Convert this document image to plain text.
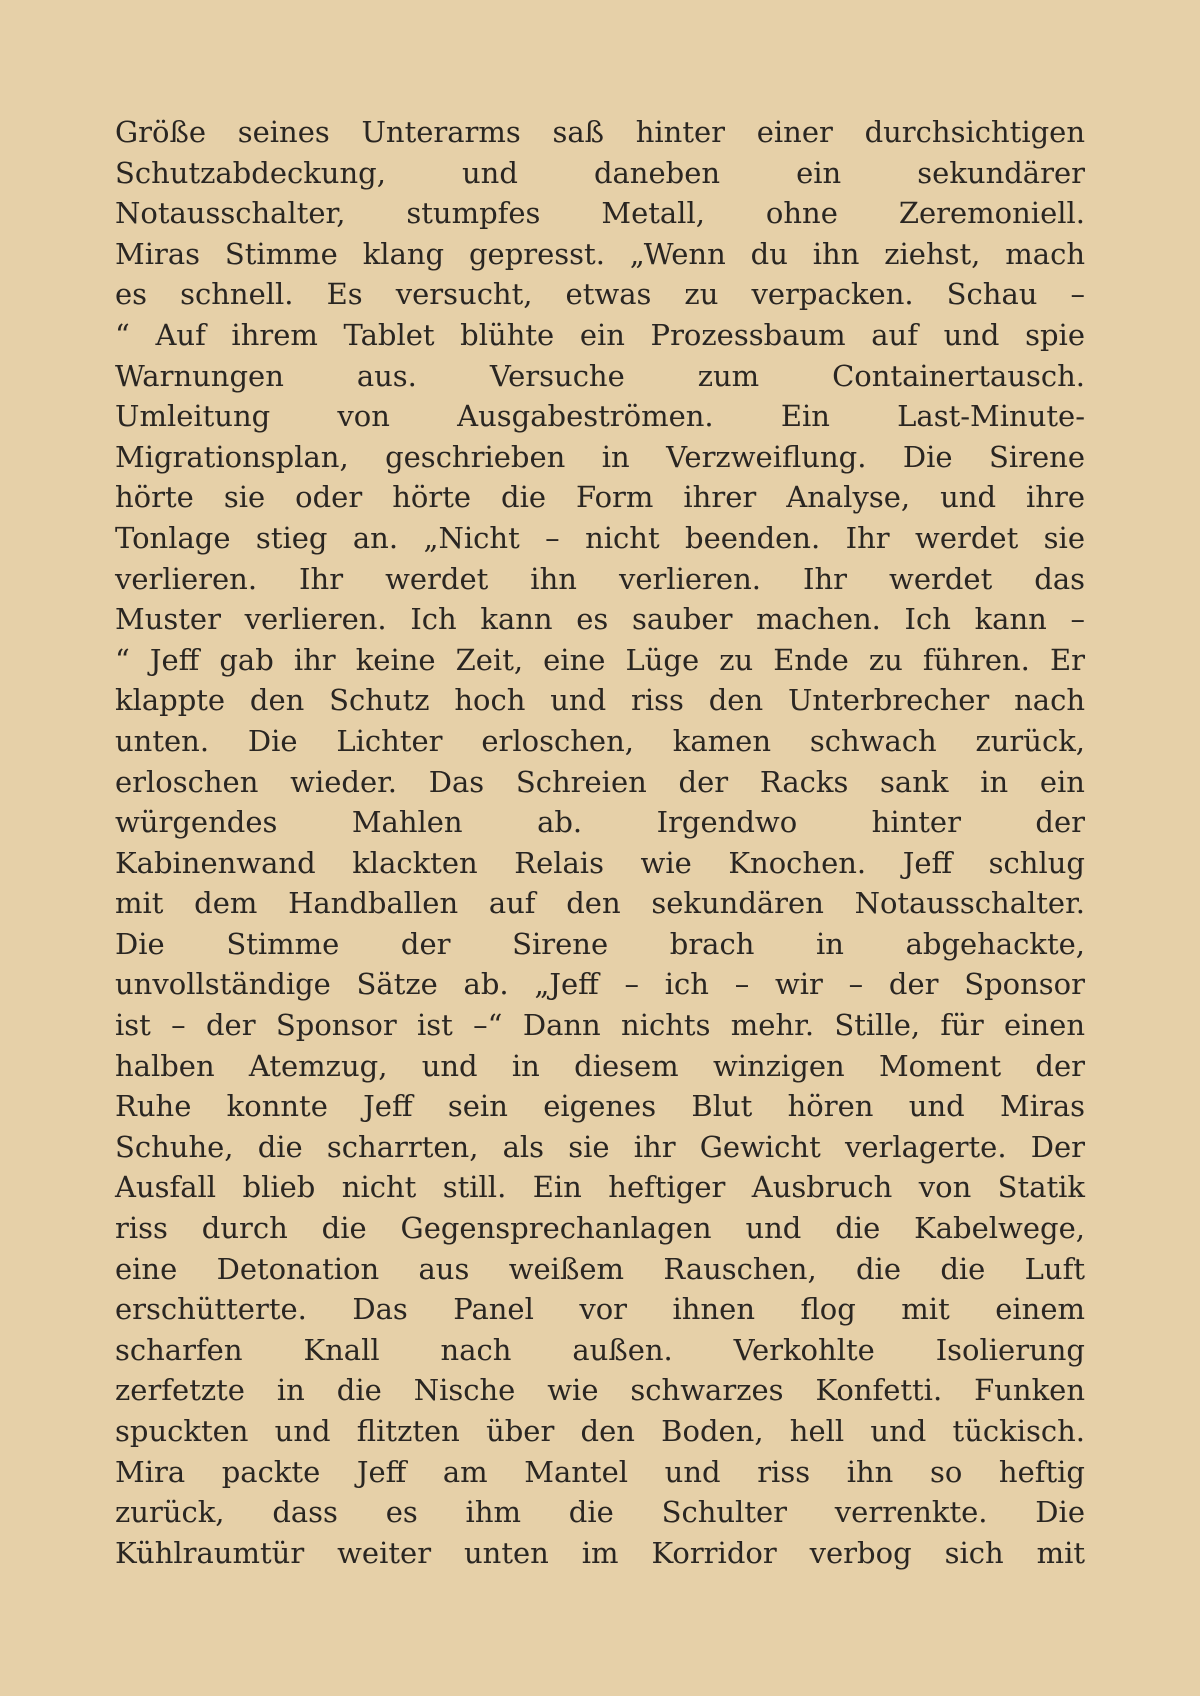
Größe seines Unterarms saß hinter einer durchsichtigen
Schutzabdeckung, und daneben ein sekundärer
Notausschalter, stumpfes Metall, ohne Zeremoniell.
Miras Stimme klang gepresst. „Wenn du ihn ziehst, mach
es schnell. Es versucht, etwas zu verpacken. Schau –
“ Auf ihrem Tablet blühte ein Prozessbaum auf und spie
Warnungen aus. Versuche zum Containertausch.
Umleitung von Ausgabeströmen. Ein Last-Minute-
Migrationsplan, geschrieben in Verzweiflung. Die Sirene
hörte sie oder hörte die Form ihrer Analyse, und ihre
Tonlage stieg an. „Nicht – nicht beenden. Ihr werdet sie
verlieren. Ihr werdet ihn verlieren. Ihr werdet das
Muster verlieren. Ich kann es sauber machen. Ich kann –
“ Jeff gab ihr keine Zeit, eine Lüge zu Ende zu führen. Er
klappte den Schutz hoch und riss den Unterbrecher nach
unten. Die Lichter erloschen, kamen schwach zurück,
erloschen wieder. Das Schreien der Racks sank in ein
würgendes Mahlen ab. Irgendwo hinter der
Kabinenwand klackten Relais wie Knochen. Jeff schlug
mit dem Handballen auf den sekundären Notausschalter.
Die Stimme der Sirene brach in abgehackte,
unvollständige Sätze ab. „Jeff – ich – wir – der Sponsor
ist – der Sponsor ist –“ Dann nichts mehr. Stille, für einen
halben Atemzug, und in diesem winzigen Moment der
Ruhe konnte Jeff sein eigenes Blut hören und Miras
Schuhe, die scharrten, als sie ihr Gewicht verlagerte. Der
Ausfall blieb nicht still. Ein heftiger Ausbruch von Statik
riss durch die Gegensprechanlagen und die Kabelwege,
eine Detonation aus weißem Rauschen, die die Luft
erschütterte. Das Panel vor ihnen flog mit einem
scharfen Knall nach außen. Verkohlte Isolierung
zerfetzte in die Nische wie schwarzes Konfetti. Funken
spuckten und flitzten über den Boden, hell und tückisch.
Mira packte Jeff am Mantel und riss ihn so heftig
zurück, dass es ihm die Schulter verrenkte. Die
Kühlraumtür weiter unten im Korridor verbog sich mit
